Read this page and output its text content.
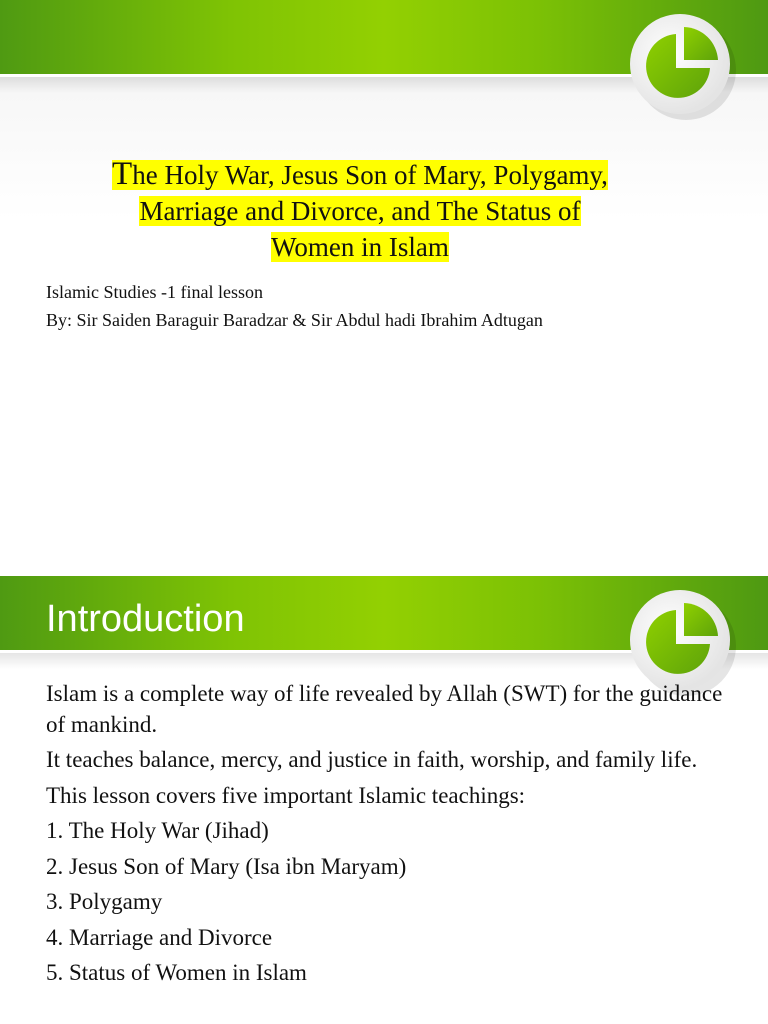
The Holy War, Jesus Son of Mary, Polygamy,
Marriage and Divorce, and The Status of
Women in Islam
Islamic Studies -1 final lesson
By: Sir Saiden Baraguir Baradzar & Sir Abdul hadi Ibrahim Adtugan
Introduction
Islam is a complete way of life revealed by Allah (SWT) for the guidance of mankind.
It teaches balance, mercy, and justice in faith, worship, and family life.
This lesson covers five important Islamic teachings:
1. The Holy War (Jihad)
2. Jesus Son of Mary (Isa ibn Maryam)
3. Polygamy
4. Marriage and Divorce
5. Status of Women in Islam
